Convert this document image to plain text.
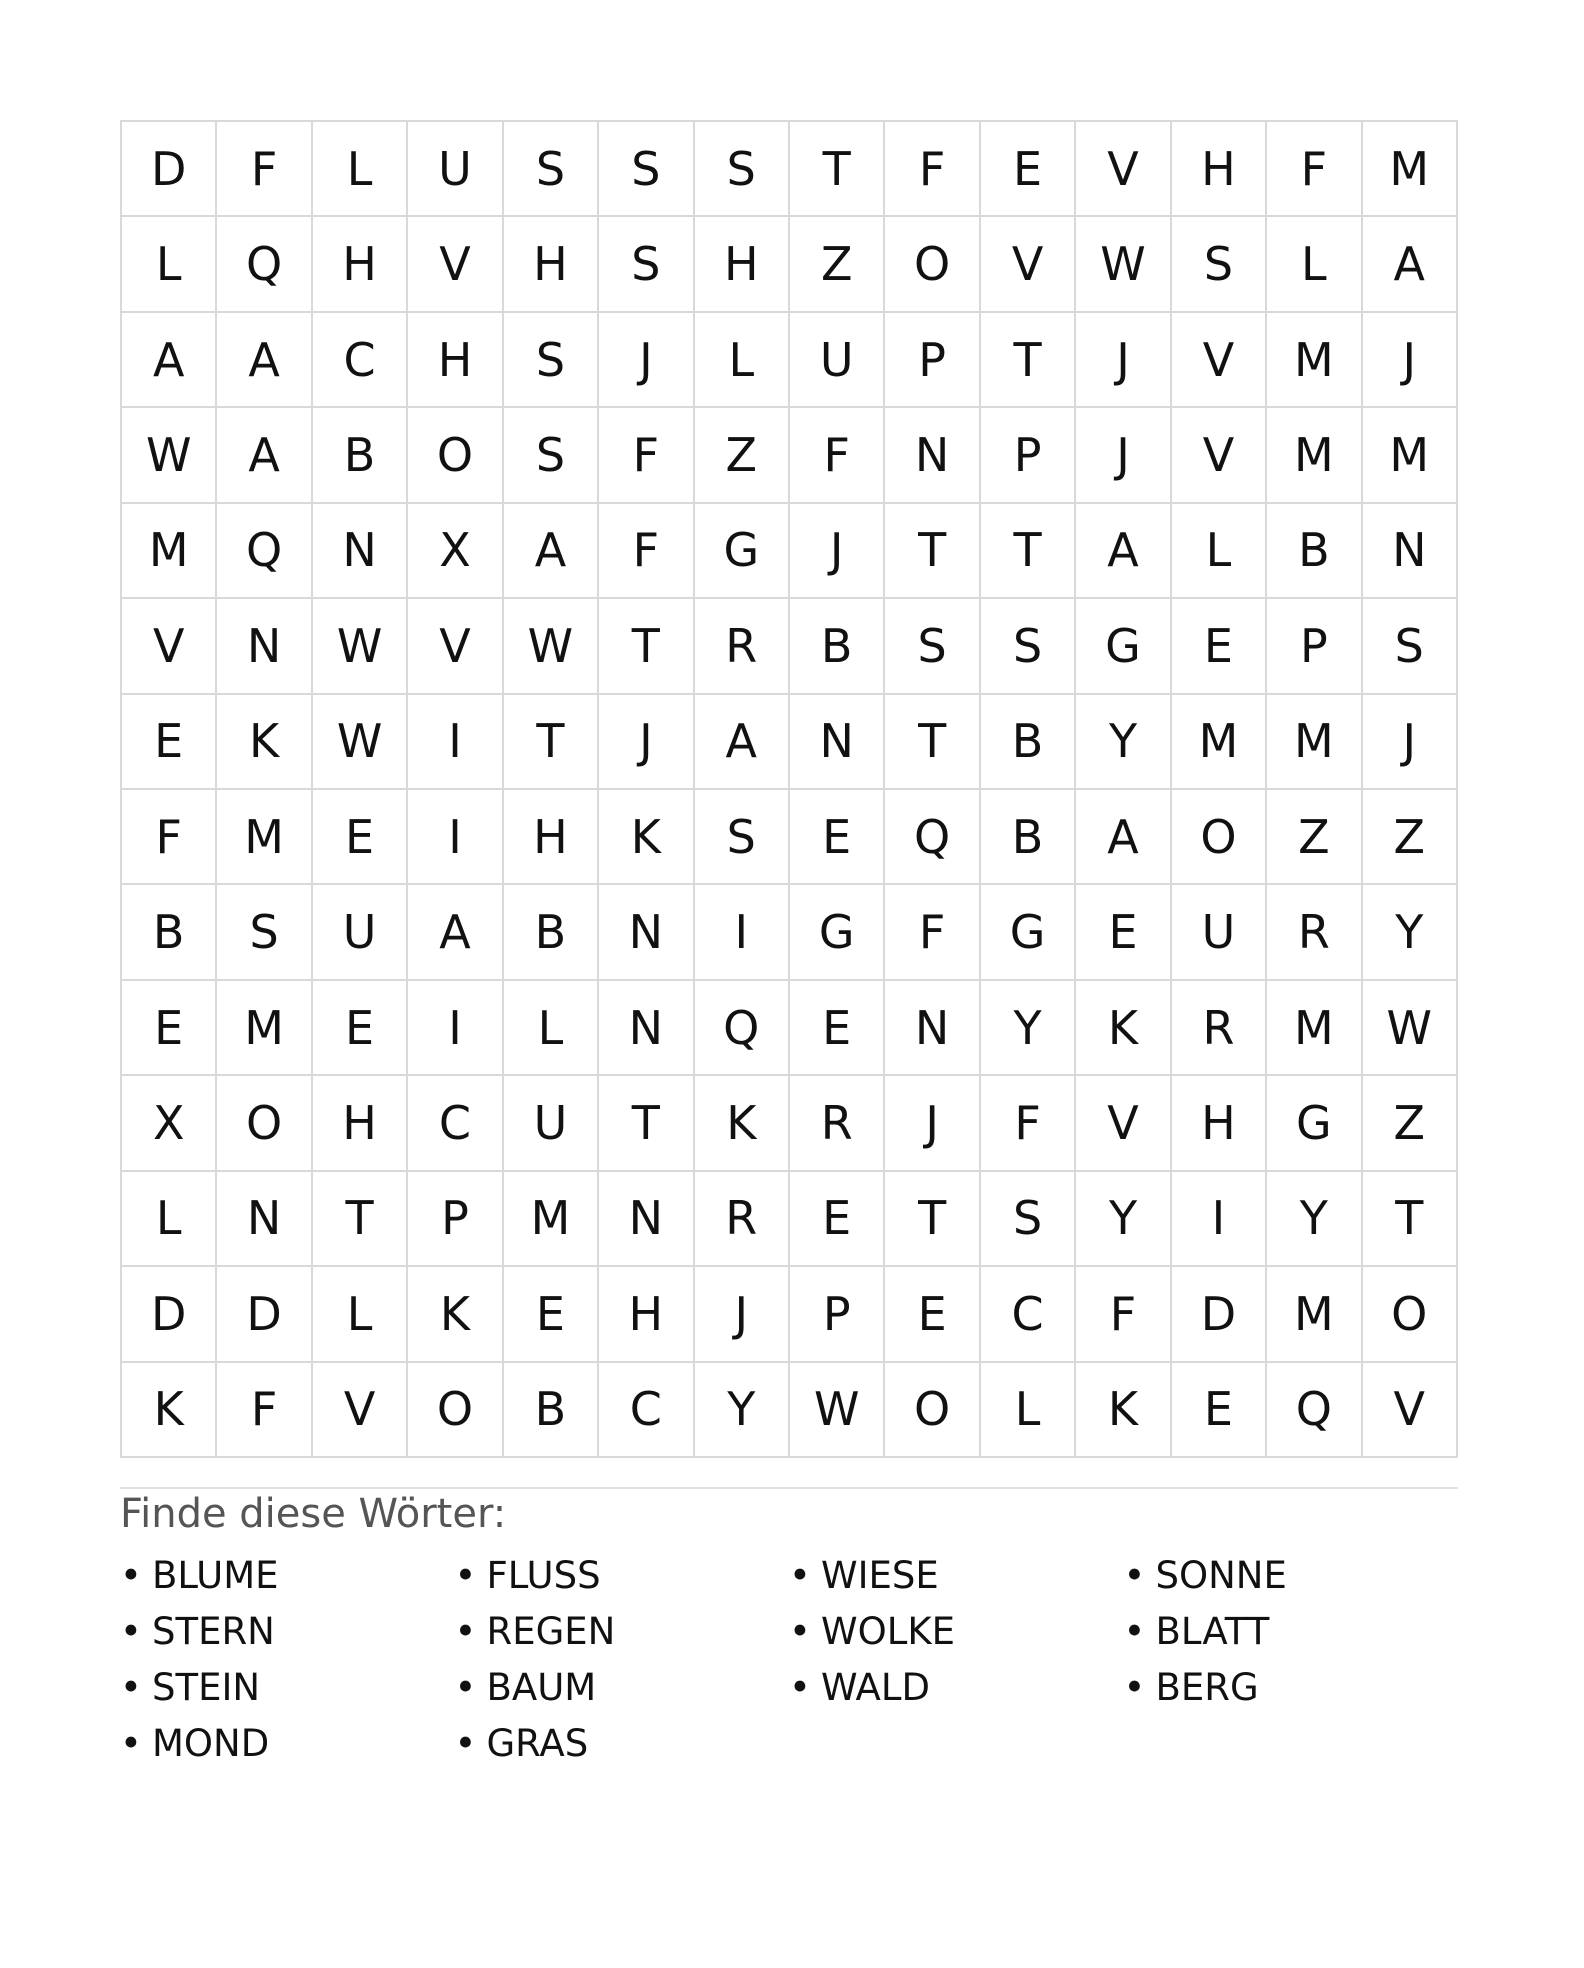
D	F	L	U	S	S	S	T	F	E	V	H	F	M
L	Q	H	V	H	S	H	Z	O	V	W	S	L	A
A	A	C	H	S	J	L	U	P	T	J	V	M	J
W	A	B	O	S	F	Z	F	N	P	J	V	M	M
M	Q	N	X	A	F	G	J	T	T	A	L	B	N
V	N	W	V	W	T	R	B	S	S	G	E	P	S
E	K	W	I	T	J	A	N	T	B	Y	M	M	J
F	M	E	I	H	K	S	E	Q	B	A	O	Z	Z
B	S	U	A	B	N	I	G	F	G	E	U	R	Y
E	M	E	I	L	N	Q	E	N	Y	K	R	M	W
X	O	H	C	U	T	K	R	J	F	V	H	G	Z
L	N	T	P	M	N	R	E	T	S	Y	I	Y	T
D	D	L	K	E	H	J	P	E	C	F	D	M	O
K	F	V	O	B	C	Y	W	O	L	K	E	Q	V
Finde diese Wörter:
• BLUME	• FLUSS	• WIESE	• SONNE
• STERN	• REGEN	• WOLKE	• BLATT
• STEIN	• BAUM	• WALD	• BERG
• MOND	• GRAS
